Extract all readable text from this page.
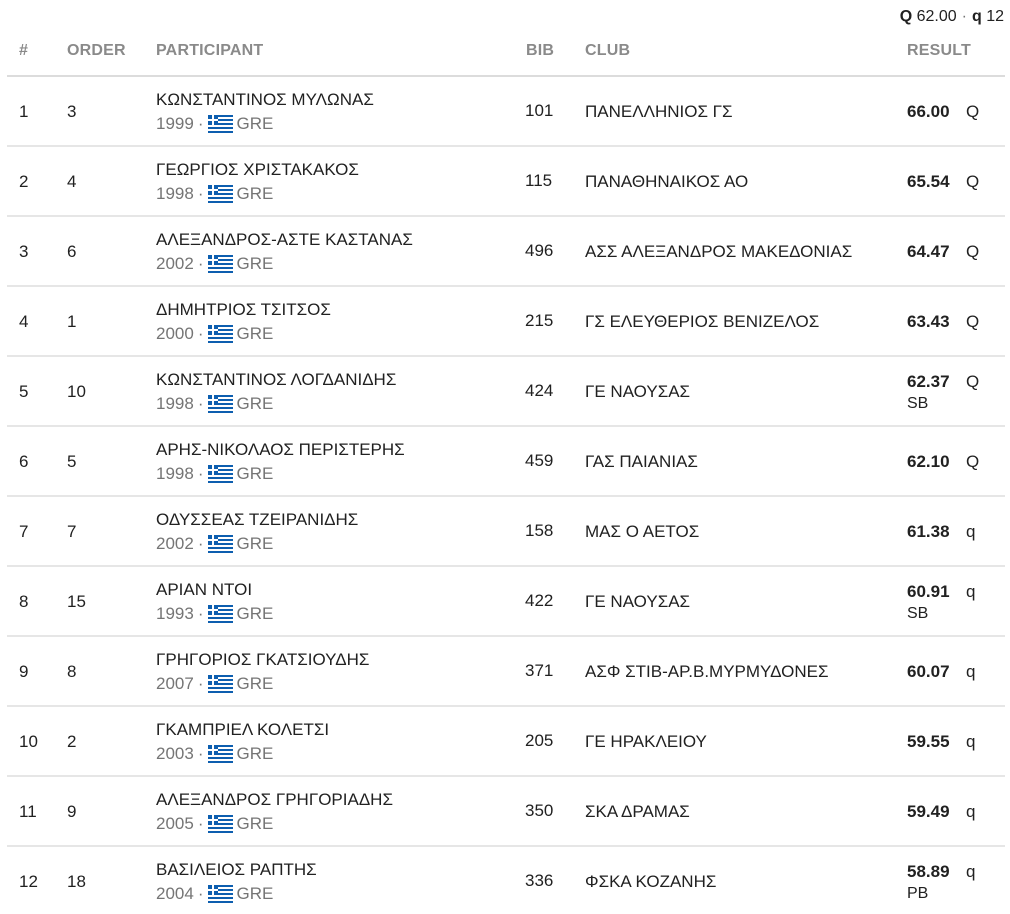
Q 62.00 · q 12
# ORDER PARTICIPANT	BIB CLUB	RESULT
1 3
ΚΩΝΣΤΑΝΤΙΝΟΣ ΜΥΛΩΝΑΣ
1999 · GRE
101 ΠΑΝΕΛΛΗΝΙΟΣ ΓΣ	66.00 Q
2 4
ΓΕΩΡΓΙΟΣ ΧΡΙΣΤΑΚΑΚΟΣ
1998 · GRE
115 ΠΑΝΑΘΗΝΑΙΚΟΣ ΑΟ	65.54 Q
3 6
ΑΛΕΞΑΝΔΡΟΣ-ΑΣΤΕ ΚΑΣΤΑΝΑΣ
2002 · GRE
496 ΑΣΣ ΑΛΕΞΑΝΔΡΟΣ ΜΑΚΕΔΟΝΙΑΣ	64.47 Q
4 1
ΔΗΜΗΤΡΙΟΣ ΤΣΙΤΣΟΣ
2000 · GRE
215 ΓΣ ΕΛΕΥΘΕΡΙΟΣ ΒΕΝΙΖΕΛΟΣ	63.43 Q
5 10
ΚΩΝΣΤΑΝΤΙΝΟΣ ΛΟΓΔΑΝΙΔΗΣ
1998 · GRE
424 ΓΕ ΝΑΟΥΣΑΣ
62.37 Q
SB
6 5
ΑΡΗΣ-ΝΙΚΟΛΑΟΣ ΠΕΡΙΣΤΕΡΗΣ
1998 · GRE
459 ΓΑΣ ΠΑΙΑΝΙΑΣ	62.10 Q
7 7
ΟΔΥΣΣΕΑΣ ΤΖΕΙΡΑΝΙΔΗΣ
2002 · GRE
158 ΜΑΣ Ο ΑΕΤΟΣ	61.38 q
8 15
ΑΡΙΑΝ ΝΤΟΙ
1993 · GRE
422 ΓΕ ΝΑΟΥΣΑΣ
60.91 q
SB
9 8
ΓΡΗΓΟΡΙΟΣ ΓΚΑΤΣΙΟΥΔΗΣ
2007 · GRE
371 ΑΣΦ ΣΤΙΒ-ΑΡ.Β.ΜΥΡΜΥΔΟΝΕΣ	60.07 q
10 2
ΓΚΑΜΠΡΙΕΛ ΚΟΛΕΤΣΙ
2003 · GRE
205 ΓΕ ΗΡΑΚΛΕΙΟΥ	59.55 q
11 9
ΑΛΕΞΑΝΔΡΟΣ ΓΡΗΓΟΡΙΑΔΗΣ
2005 · GRE
350 ΣΚΑ ΔΡΑΜΑΣ	59.49 q
12 18
ΒΑΣΙΛΕΙΟΣ ΡΑΠΤΗΣ
2004 · GRE
336 ΦΣΚΑ ΚΟΖΑΝΗΣ
58.89 q
PB
